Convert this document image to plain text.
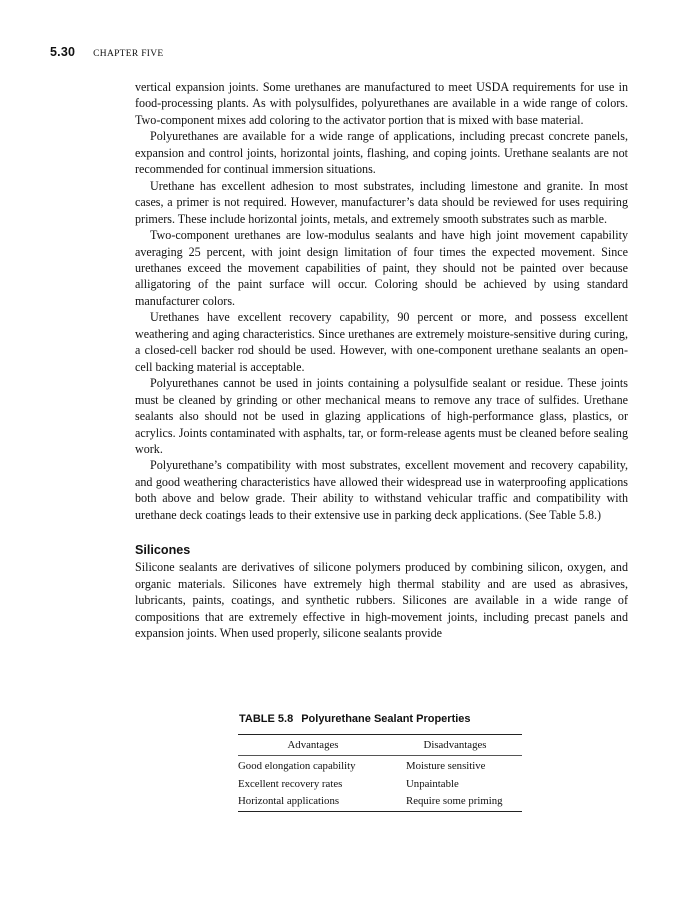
5.30 CHAPTER FIVE

vertical expansion joints. Some urethanes are manufactured to meet USDA requirements for use in food-processing plants. As with polysulfides, polyurethanes are available in a wide range of colors. Two-component mixes add coloring to the activator portion that is mixed with base material.

Polyurethanes are available for a wide range of applications, including precast concrete panels, expansion and control joints, horizontal joints, flashing, and coping joints. Urethane sealants are not recommended for continual immersion situations.

Urethane has excellent adhesion to most substrates, including limestone and granite. In most cases, a primer is not required. However, manufacturer’s data should be reviewed for uses requiring primers. These include horizontal joints, metals, and extremely smooth substrates such as marble.

Two-component urethanes are low-modulus sealants and have high joint movement capability averaging 25 percent, with joint design limitation of four times the expected movement. Since urethanes exceed the movement capabilities of paint, they should not be painted over because alligatoring of the paint surface will occur. Coloring should be achieved by using standard manufacturer colors.

Urethanes have excellent recovery capability, 90 percent or more, and possess excellent weathering and aging characteristics. Since urethanes are extremely moisture-sensitive during curing, a closed-cell backer rod should be used. However, with one-component urethane sealants an open-cell backing material is acceptable.

Polyurethanes cannot be used in joints containing a polysulfide sealant or residue. These joints must be cleaned by grinding or other mechanical means to remove any trace of sulfides. Urethane sealants also should not be used in glazing applications of high-performance glass, plastics, or acrylics. Joints contaminated with asphalts, tar, or form-release agents must be cleaned before sealing work.

Polyurethane’s compatibility with most substrates, excellent movement and recovery capability, and good weathering characteristics have allowed their widespread use in waterproofing applications both above and below grade. Their ability to withstand vehicular traffic and compatibility with urethane deck coatings leads to their extensive use in parking deck applications. (See Table 5.8.)

Silicones

Silicone sealants are derivatives of silicone polymers produced by combining silicon, oxygen, and organic materials. Silicones have extremely high thermal stability and are used as abrasives, lubricants, paints, coatings, and synthetic rubbers. Silicones are available in a wide range of compositions that are extremely effective in high-movement joints, including precast panels and expansion joints. When used properly, silicone sealants provide

TABLE 5.8 Polyurethane Sealant Properties
Advantages	Disadvantages
Good elongation capability	Moisture sensitive
Excellent recovery rates	Unpaintable
Horizontal applications	Require some priming
